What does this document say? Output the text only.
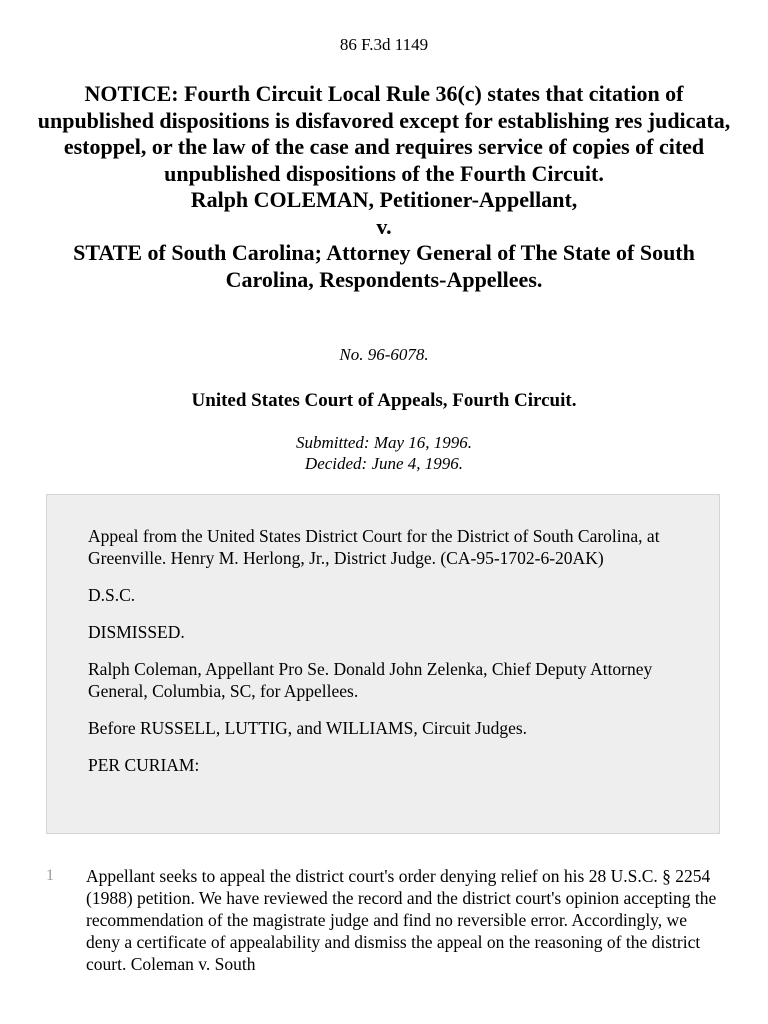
86 F.3d 1149
NOTICE: Fourth Circuit Local Rule 36(c) states that citation of unpublished dispositions is disfavored except for establishing res judicata, estoppel, or the law of the case and requires service of copies of cited unpublished dispositions of the Fourth Circuit.
Ralph COLEMAN, Petitioner-Appellant,
v.
STATE of South Carolina; Attorney General of The State of South Carolina, Respondents-Appellees.
No. 96-6078.
United States Court of Appeals, Fourth Circuit.
Submitted: May 16, 1996.
Decided: June 4, 1996.

Appeal from the United States District Court for the District of South Carolina, at Greenville. Henry M. Herlong, Jr., District Judge. (CA-95-1702-6-20AK)

D.S.C.

DISMISSED.

Ralph Coleman, Appellant Pro Se. Donald John Zelenka, Chief Deputy Attorney General, Columbia, SC, for Appellees.

Before RUSSELL, LUTTIG, and WILLIAMS, Circuit Judges.

PER CURIAM:

1 Appellant seeks to appeal the district court's order denying relief on his 28 U.S.C. § 2254 (1988) petition. We have reviewed the record and the district court's opinion accepting the recommendation of the magistrate judge and find no reversible error. Accordingly, we deny a certificate of appealability and dismiss the appeal on the reasoning of the district court. Coleman v. South
